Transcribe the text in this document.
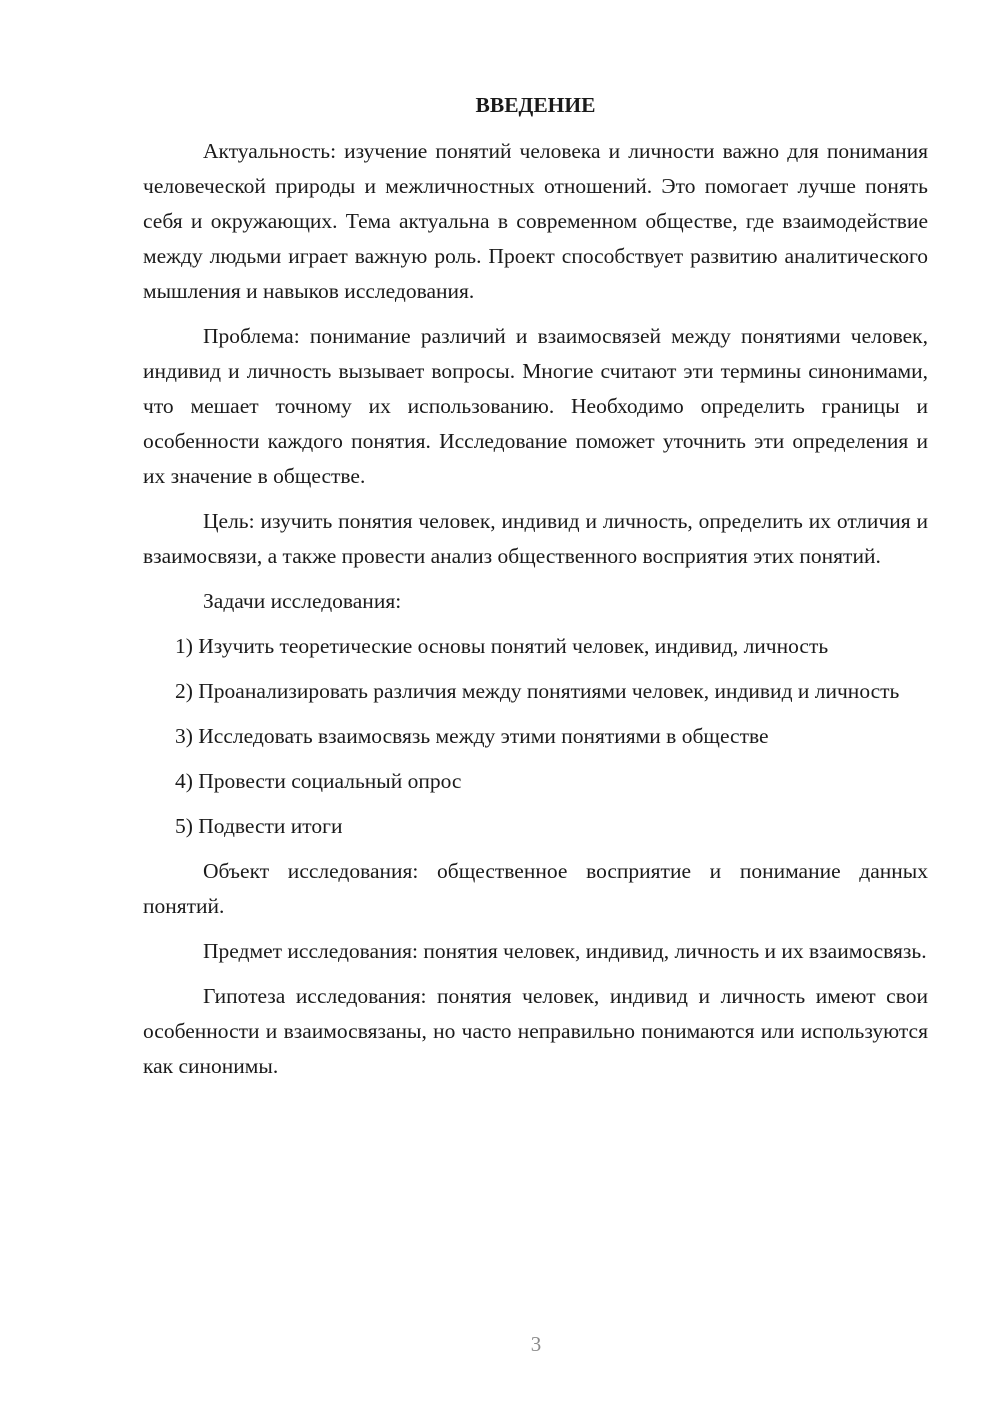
ВВЕДЕНИЕ

Актуальность: изучение понятий человека и личности важно для понимания человеческой природы и межличностных отношений. Это помогает лучше понять себя и окружающих. Тема актуальна в современном обществе, где взаимодействие между людьми играет важную роль. Проект способствует развитию аналитического мышления и навыков исследования.

Проблема: понимание различий и взаимосвязей между понятиями человек, индивид и личность вызывает вопросы. Многие считают эти термины синонимами, что мешает точному их использованию. Необходимо определить границы и особенности каждого понятия. Исследование поможет уточнить эти определения и их значение в обществе.

Цель: изучить понятия человек, индивид и личность, определить их отличия и взаимосвязи, а также провести анализ общественного восприятия этих понятий.

Задачи исследования:

1) Изучить теоретические основы понятий человек, индивид, личность

2) Проанализировать различия между понятиями человек, индивид и личность

3) Исследовать взаимосвязь между этими понятиями в обществе

4) Провести социальный опрос

5) Подвести итоги

Объект исследования: общественное восприятие и понимание данных понятий.

Предмет исследования: понятия человек, индивид, личность и их взаимосвязь.

Гипотеза исследования: понятия человек, индивид и личность имеют свои особенности и взаимосвязаны, но часто неправильно понимаются или используются как синонимы.

3
